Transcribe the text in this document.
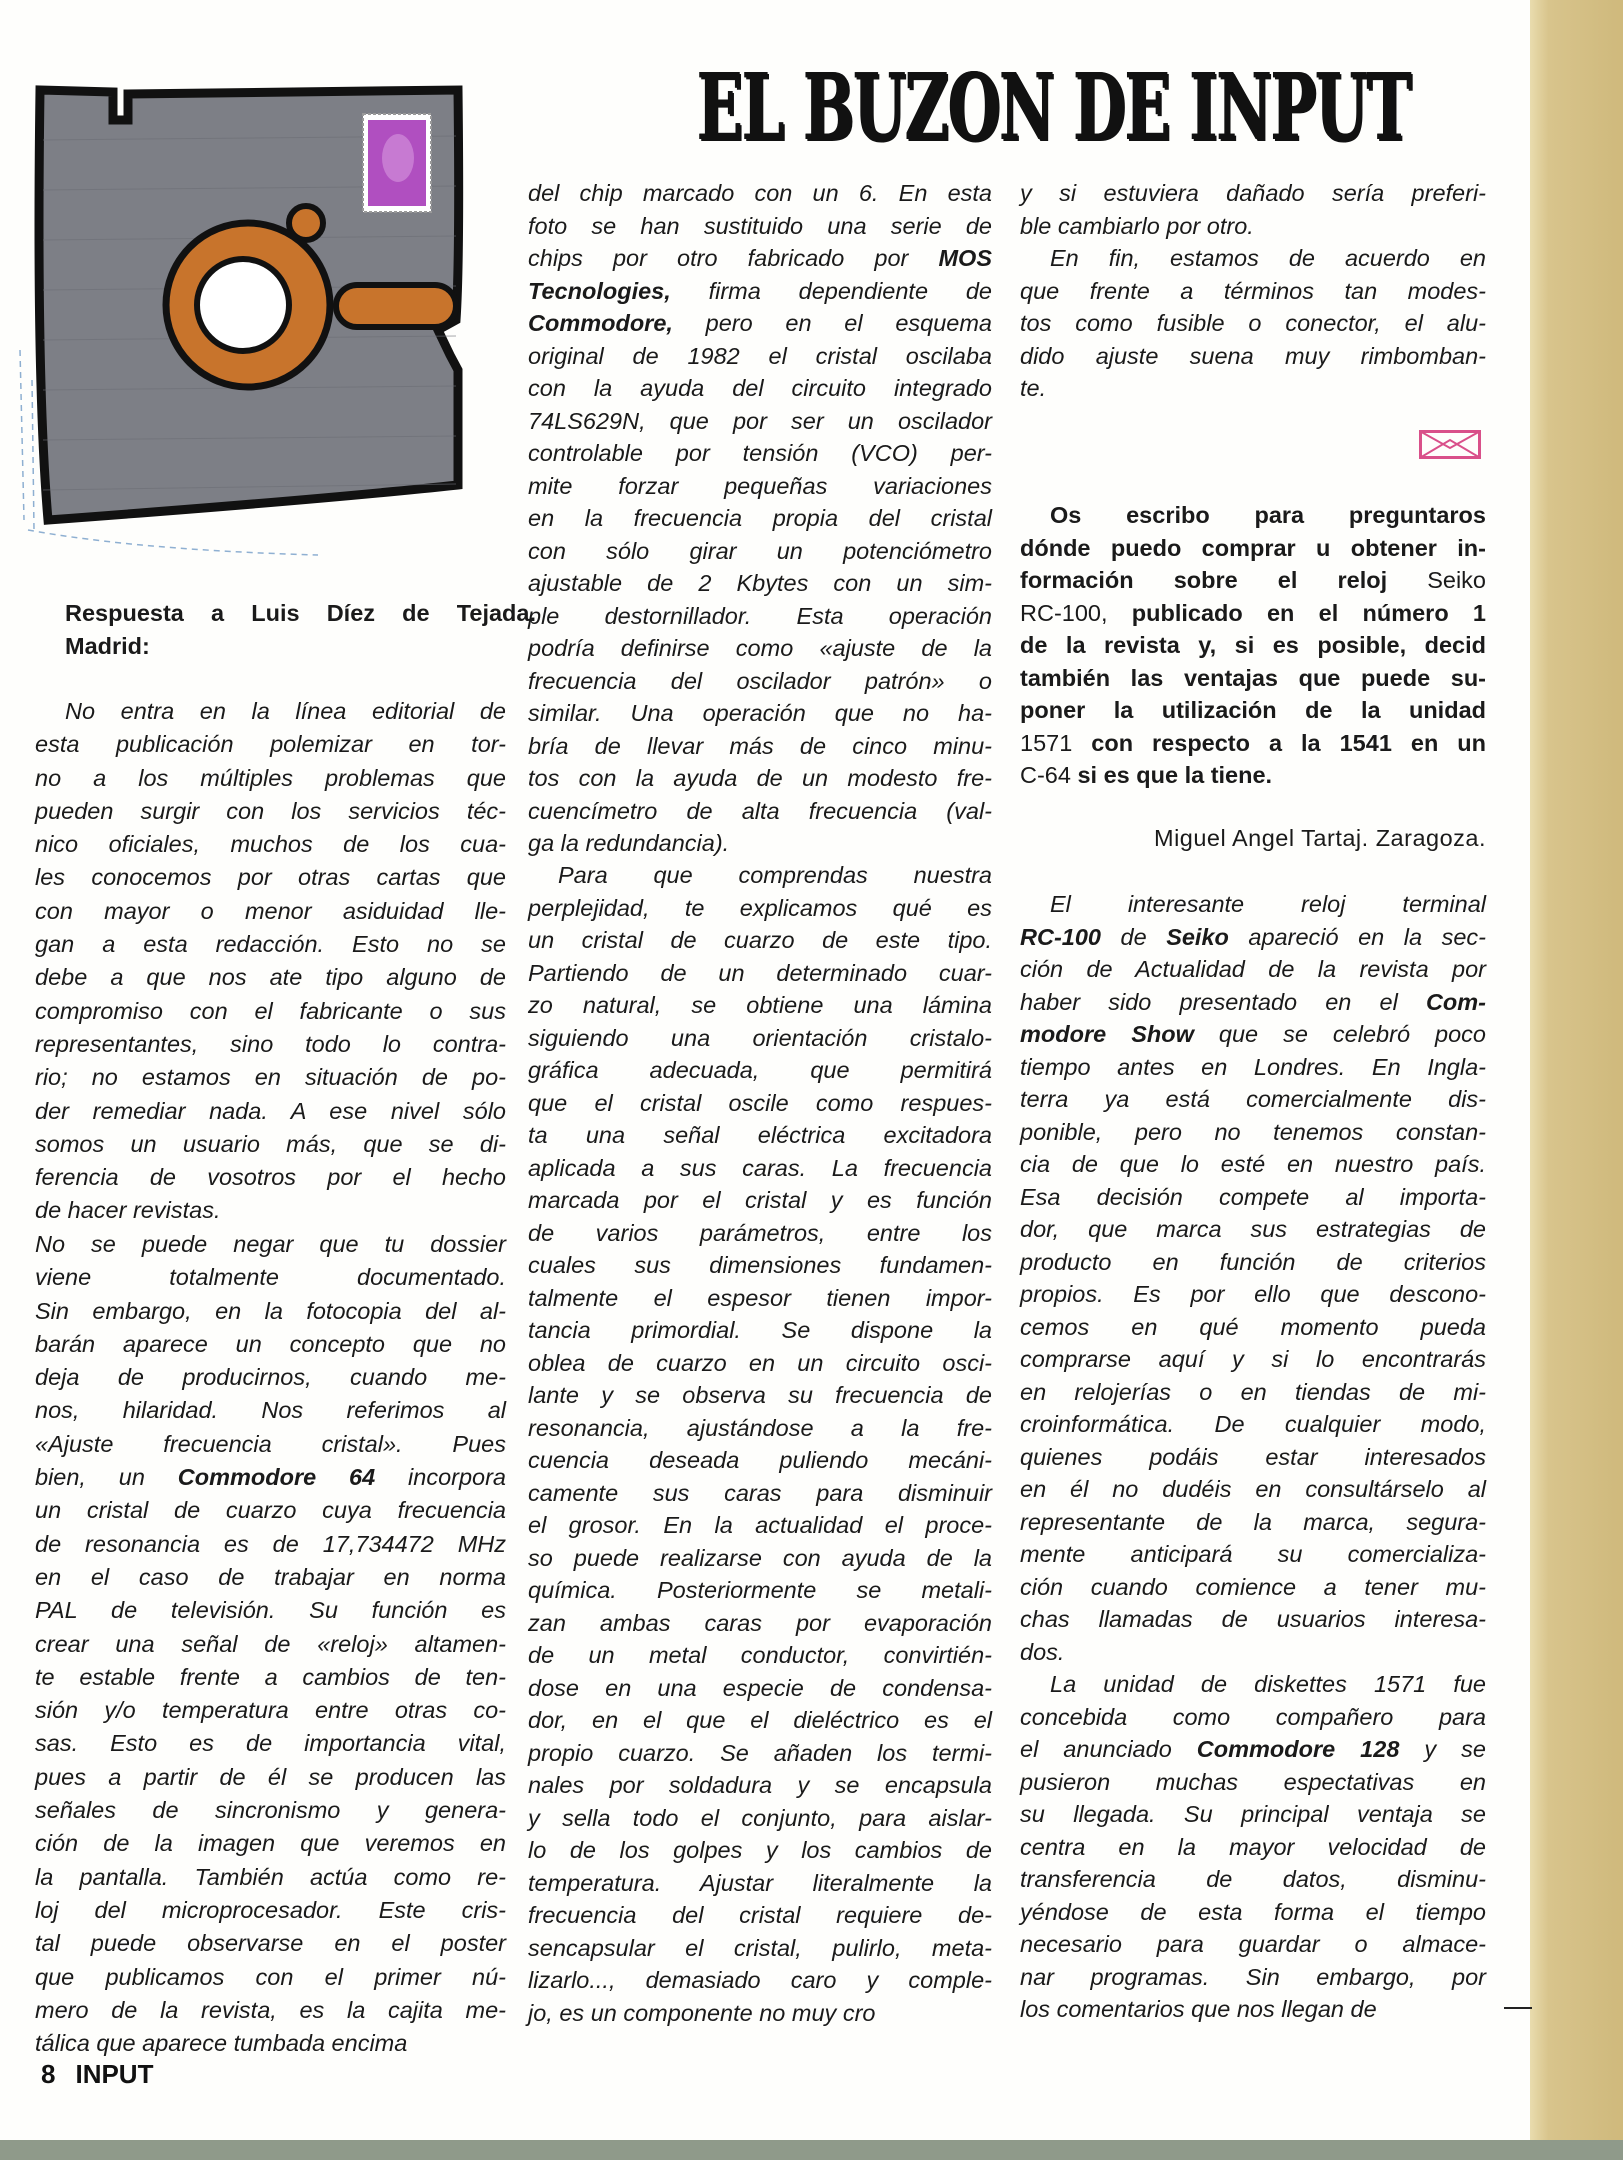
EL BUZON DE INPUT
Respuesta a Luis Díez de Tejada.
Madrid:
No entra en la línea editorial de
esta publicación polemizar en tor-
no a los múltiples problemas que
pueden surgir con los servicios téc-
nico oficiales, muchos de los cua-
les conocemos por otras cartas que
con mayor o menor asiduidad lle-
gan a esta redacción. Esto no se
debe a que nos ate tipo alguno de
compromiso con el fabricante o sus
representantes, sino todo lo contra-
rio; no estamos en situación de po-
der remediar nada. A ese nivel sólo
somos un usuario más, que se di-
ferencia de vosotros por el hecho
de hacer revistas.
No se puede negar que tu dossier
viene totalmente documentado.
Sin embargo, en la fotocopia del al-
barán aparece un concepto que no
deja de producirnos, cuando me-
nos, hilaridad. Nos referimos al
«Ajuste frecuencia cristal». Pues
bien, un Commodore 64 incorpora
un cristal de cuarzo cuya frecuencia
de resonancia es de 17,734472 MHz
en el caso de trabajar en norma
PAL de televisión. Su función es
crear una señal de «reloj» altamen-
te estable frente a cambios de ten-
sión y/o temperatura entre otras co-
sas. Esto es de importancia vital,
pues a partir de él se producen las
señales de sincronismo y genera-
ción de la imagen que veremos en
la pantalla. También actúa como re-
loj del microprocesador. Este cris-
tal puede observarse en el poster
que publicamos con el primer nú-
mero de la revista, es la cajita me-
tálica que aparece tumbada encima
del chip marcado con un 6. En esta
foto se han sustituido una serie de
chips por otro fabricado por MOS
Tecnologies, firma dependiente de
Commodore, pero en el esquema
original de 1982 el cristal oscilaba
con la ayuda del circuito integrado
74LS629N, que por ser un oscilador
controlable por tensión (VCO) per-
mite forzar pequeñas variaciones
en la frecuencia propia del cristal
con sólo girar un potenciómetro
ajustable de 2 Kbytes con un sim-
ple destornillador. Esta operación
podría definirse como «ajuste de la
frecuencia del oscilador patrón» o
similar. Una operación que no ha-
bría de llevar más de cinco minu-
tos con la ayuda de un modesto fre-
cuencímetro de alta frecuencia (val-
ga la redundancia).
Para que comprendas nuestra
perplejidad, te explicamos qué es
un cristal de cuarzo de este tipo.
Partiendo de un determinado cuar-
zo natural, se obtiene una lámina
siguiendo una orientación cristalo-
gráfica adecuada, que permitirá
que el cristal oscile como respues-
ta una señal eléctrica excitadora
aplicada a sus caras. La frecuencia
marcada por el cristal y es función
de varios parámetros, entre los
cuales sus dimensiones fundamen-
talmente el espesor tienen impor-
tancia primordial. Se dispone la
oblea de cuarzo en un circuito osci-
lante y se observa su frecuencia de
resonancia, ajustándose a la fre-
cuencia deseada puliendo mecáni-
camente sus caras para disminuir
el grosor. En la actualidad el proce-
so puede realizarse con ayuda de la
química. Posteriormente se metali-
zan ambas caras por evaporación
de un metal conductor, convirtién-
dose en una especie de condensa-
dor, en el que el dieléctrico es el
propio cuarzo. Se añaden los termi-
nales por soldadura y se encapsula
y sella todo el conjunto, para aislar-
lo de los golpes y los cambios de
temperatura. Ajustar literalmente la
frecuencia del cristal requiere de-
sencapsular el cristal, pulirlo, meta-
lizarlo..., demasiado caro y comple-
jo, es un componente no muy cro
y si estuviera dañado sería preferi-
ble cambiarlo por otro.
En fin, estamos de acuerdo en
que frente a términos tan modes-
tos como fusible o conector, el alu-
dido ajuste suena muy rimbomban-
te.
Os escribo para preguntaros
dónde puedo comprar u obtener in-
formación sobre el reloj Seiko
RC-100, publicado en el número 1
de la revista y, si es posible, decid
también las ventajas que puede su-
poner la utilización de la unidad
1571 con respecto a la 1541 en un
C-64 si es que la tiene.
Miguel Angel Tartaj. Zaragoza.
El interesante reloj terminal
RC-100 de Seiko apareció en la sec-
ción de Actualidad de la revista por
haber sido presentado en el Com-
modore Show que se celebró poco
tiempo antes en Londres. En Ingla-
terra ya está comercialmente dis-
ponible, pero no tenemos constan-
cia de que lo esté en nuestro país.
Esa decisión compete al importa-
dor, que marca sus estrategias de
producto en función de criterios
propios. Es por ello que descono-
cemos en qué momento pueda
comprarse aquí y si lo encontrarás
en relojerías o en tiendas de mi-
croinformática. De cualquier modo,
quienes podáis estar interesados
en él no dudéis en consultárselo al
representante de la marca, segura-
mente anticipará su comercializa-
ción cuando comience a tener mu-
chas llamadas de usuarios interesa-
dos.
La unidad de diskettes 1571 fue
concebida como compañero para
el anunciado Commodore 128 y se
pusieron muchas espectativas en
su llegada. Su principal ventaja se
centra en la mayor velocidad de
transferencia de datos, disminu-
yéndose de esta forma el tiempo
necesario para guardar o almace-
nar programas. Sin embargo, por
los comentarios que nos llegan de
8 INPUT
